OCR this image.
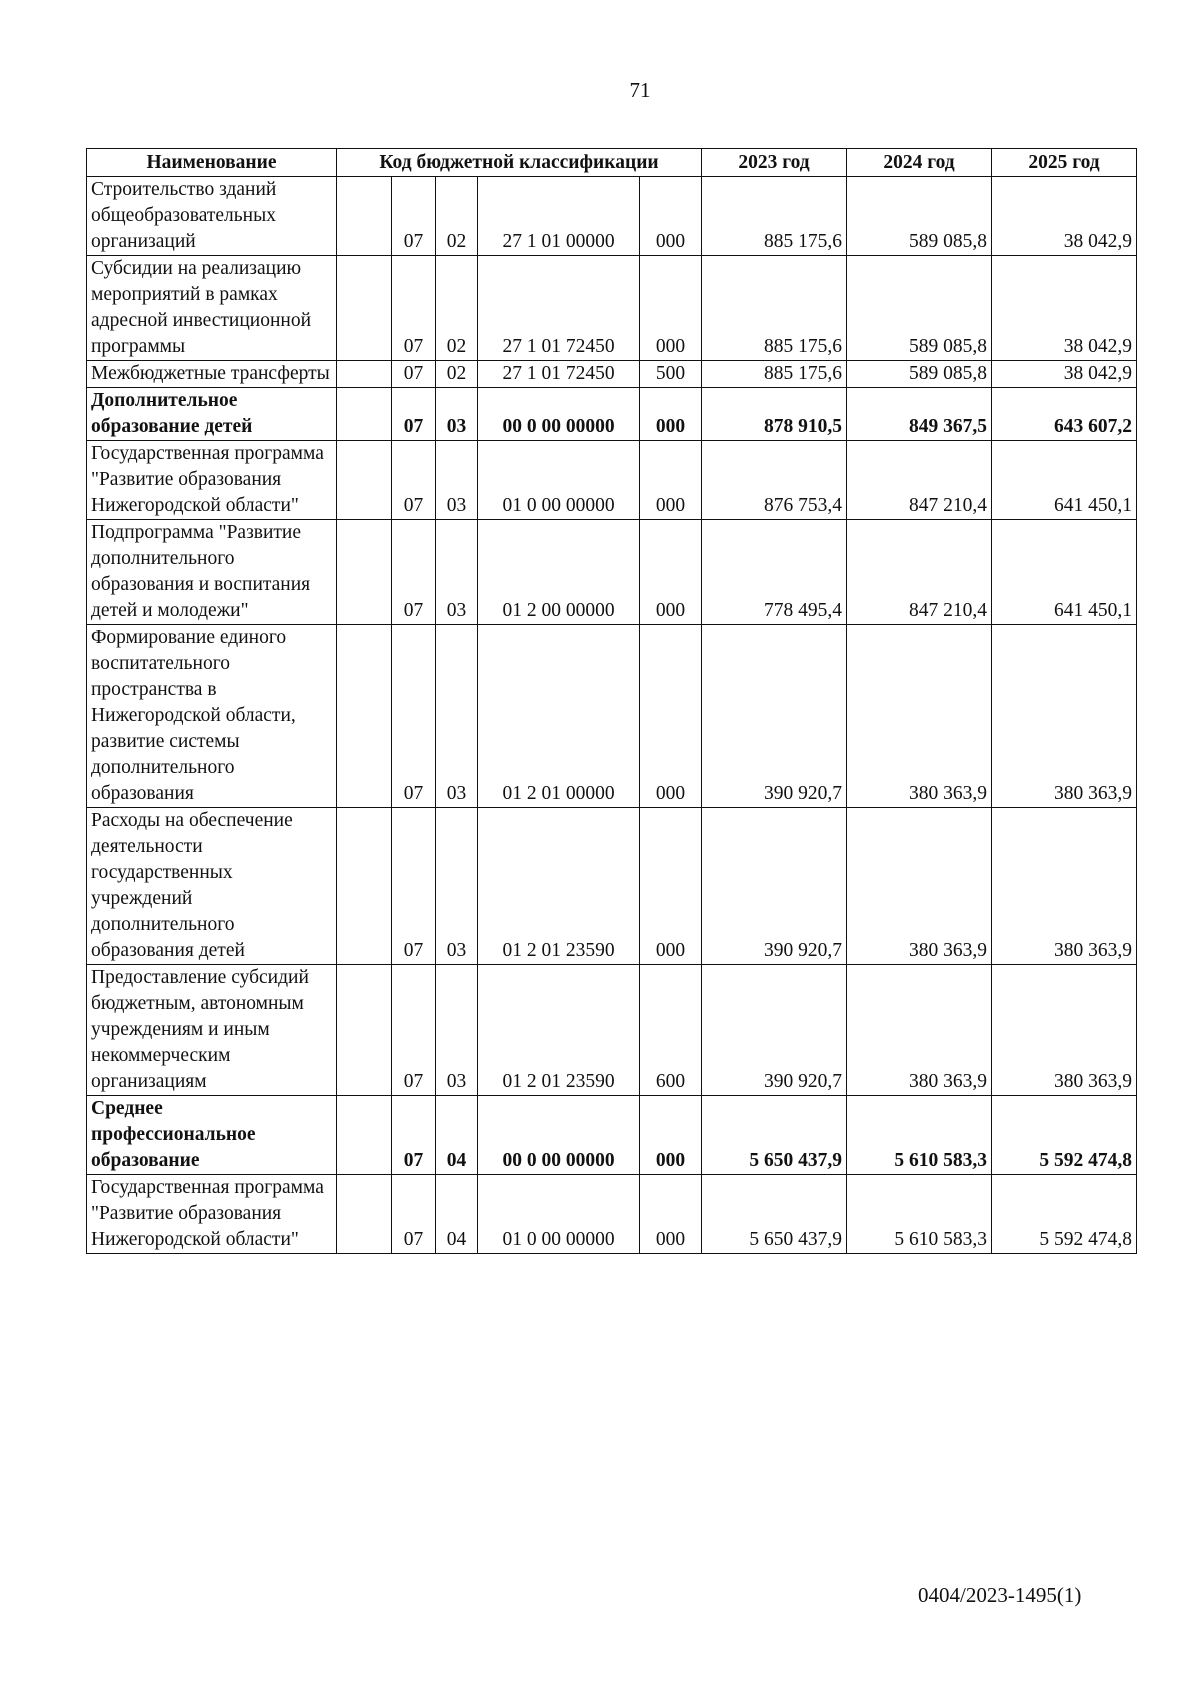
71
Наименование	Код бюджетной классификации					2023 год	2024 год	2025 год
Строительство зданий общеобразовательных организаций		07	02	27 1 01 00000	000	885 175,6	589 085,8	38 042,9
Субсидии на реализацию мероприятий в рамках адресной инвестиционной программы		07	02	27 1 01 72450	000	885 175,6	589 085,8	38 042,9
Межбюджетные трансферты		07	02	27 1 01 72450	500	885 175,6	589 085,8	38 042,9
Дополнительное образование детей		07	03	00 0 00 00000	000	878 910,5	849 367,5	643 607,2
Государственная программа "Развитие образования Нижегородской области"		07	03	01 0 00 00000	000	876 753,4	847 210,4	641 450,1
Подпрограмма "Развитие дополнительного образования и воспитания детей и молодежи"		07	03	01 2 00 00000	000	778 495,4	847 210,4	641 450,1
Формирование единого воспитательного пространства в Нижегородской области, развитие системы дополнительного образования		07	03	01 2 01 00000	000	390 920,7	380 363,9	380 363,9
Расходы на обеспечение деятельности государственных учреждений дополнительного образования детей		07	03	01 2 01 23590	000	390 920,7	380 363,9	380 363,9
Предоставление субсидий бюджетным, автономным учреждениям и иным некоммерческим организациям		07	03	01 2 01 23590	600	390 920,7	380 363,9	380 363,9
Среднее профессиональное образование		07	04	00 0 00 00000	000	5 650 437,9	5 610 583,3	5 592 474,8
Государственная программа "Развитие образования Нижегородской области"		07	04	01 0 00 00000	000	5 650 437,9	5 610 583,3	5 592 474,8
0404/2023-1495(1)
